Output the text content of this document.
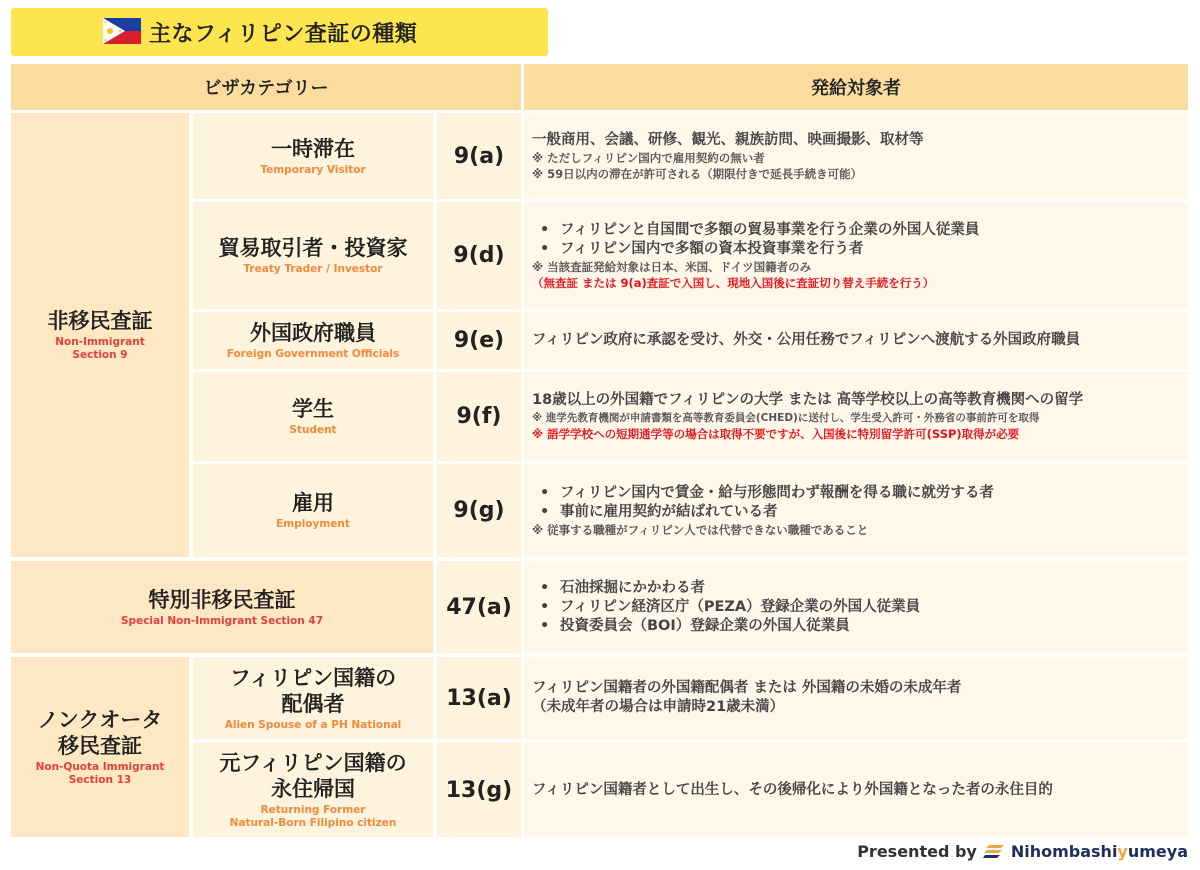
主なフィリピン査証の種類
ビザカテゴリー	発給対象者
非移民査証
Non-Immigrant
Section 9
一時滞在
Temporary Visitor
9(a)
一般商用、会議、研修、観光、親族訪問、映画撮影、取材等
※ ただしフィリピン国内で雇用契約の無い者
※ 59日以内の滞在が許可される（期限付きで延長手続き可能）
貿易取引者・投資家
Treaty Trader / Investor
9(d)
• フィリピンと自国間で多額の貿易事業を行う企業の外国人従業員
• フィリピン国内で多額の資本投資事業を行う者
※ 当該査証発給対象は日本、米国、ドイツ国籍者のみ
（無査証 または 9(a)査証で入国し、現地入国後に査証切り替え手続を行う）
外国政府職員
Foreign Government Officials
9(e) フィリピン政府に承認を受け、外交・公用任務でフィリピンへ渡航する外国政府職員
学生
Student
9(f)
18歳以上の外国籍でフィリピンの大学 または 高等学校以上の高等教育機関への留学
※ 進学先教育機関が申請書類を高等教育委員会(CHED)に送付し、学生受入許可・外務省の事前許可を取得
※ 語学学校への短期通学等の場合は取得不要ですが、入国後に特別留学許可(SSP)取得が必要
雇用
Employment
9(g)
• フィリピン国内で賃金・給与形態問わず報酬を得る職に就労する者
• 事前に雇用契約が結ばれている者
※ 従事する職種がフィリピン人では代替できない職種であること
特別非移民査証
Special Non-Immigrant Section 47
47(a)
• 石油採掘にかかわる者
• フィリピン経済区庁（PEZA）登録企業の外国人従業員
• 投資委員会（BOI）登録企業の外国人従業員
ノンクオータ
移民査証
Non-Quota Immigrant
Section 13
フィリピン国籍の
配偶者
Alien Spouse of a PH National
13(a) フィリピン国籍者の外国籍配偶者 または 外国籍の未婚の未成年者
（未成年者の場合は申請時21歳未満）
元フィリピン国籍の
永住帰国
Returning Former
Natural-Born Filipino citizen
13(g) フィリピン国籍者として出生し、その後帰化により外国籍となった者の永住目的
Presented by Nihombashiyumeya
